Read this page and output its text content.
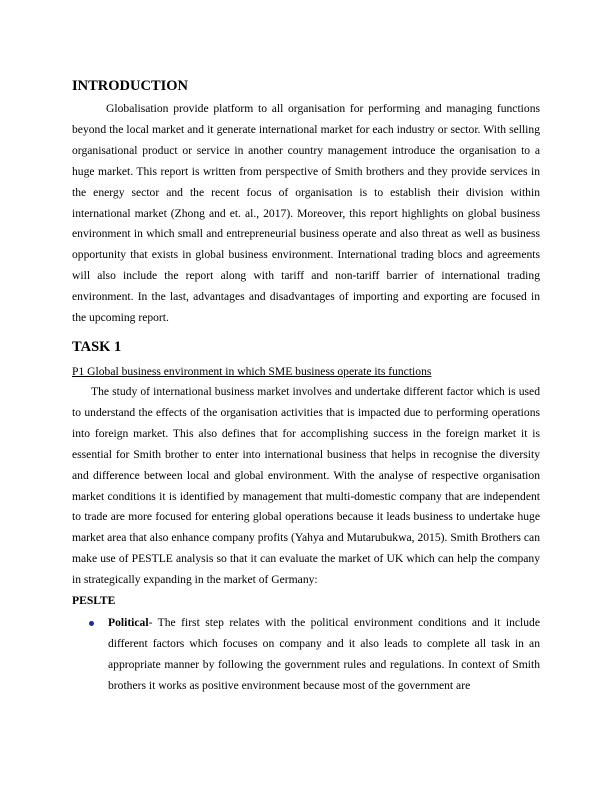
INTRODUCTION

Globalisation provide platform to all organisation for performing and managing functions beyond the local market and it generate international market for each industry or sector. With selling organisational product or service in another country management introduce the organisation to a huge market. This report is written from perspective of Smith brothers and they provide services in the energy sector and the recent focus of organisation is to establish their division within international market (Zhong and et. al., 2017). Moreover, this report highlights on global business environment in which small and entrepreneurial business operate and also threat as well as business opportunity that exists in global business environment. International trading blocs and agreements will also include the report along with tariff and non-tariff barrier of international trading environment. In the last, advantages and disadvantages of importing and exporting are focused in the upcoming report.

TASK 1
P1 Global business environment in which SME business operate its functions

The study of international business market involves and undertake different factor which is used to understand the effects of the organisation activities that is impacted due to performing operations into foreign market. This also defines that for accomplishing success in the foreign market it is essential for Smith brother to enter into international business that helps in recognise the diversity and difference between local and global environment. With the analyse of respective organisation market conditions it is identified by management that multi-domestic company that are independent to trade are more focused for entering global operations because it leads business to undertake huge market area that also enhance company profits (Yahya and Mutarubukwa, 2015). Smith Brothers can make use of PESTLE analysis so that it can evaluate the market of UK which can help the company in strategically expanding in the market of Germany:

PESLTE
Political- The first step relates with the political environment conditions and it include different factors which focuses on company and it also leads to complete all task in an appropriate manner by following the government rules and regulations. In context of Smith brothers it works as positive environment because most of the government are
